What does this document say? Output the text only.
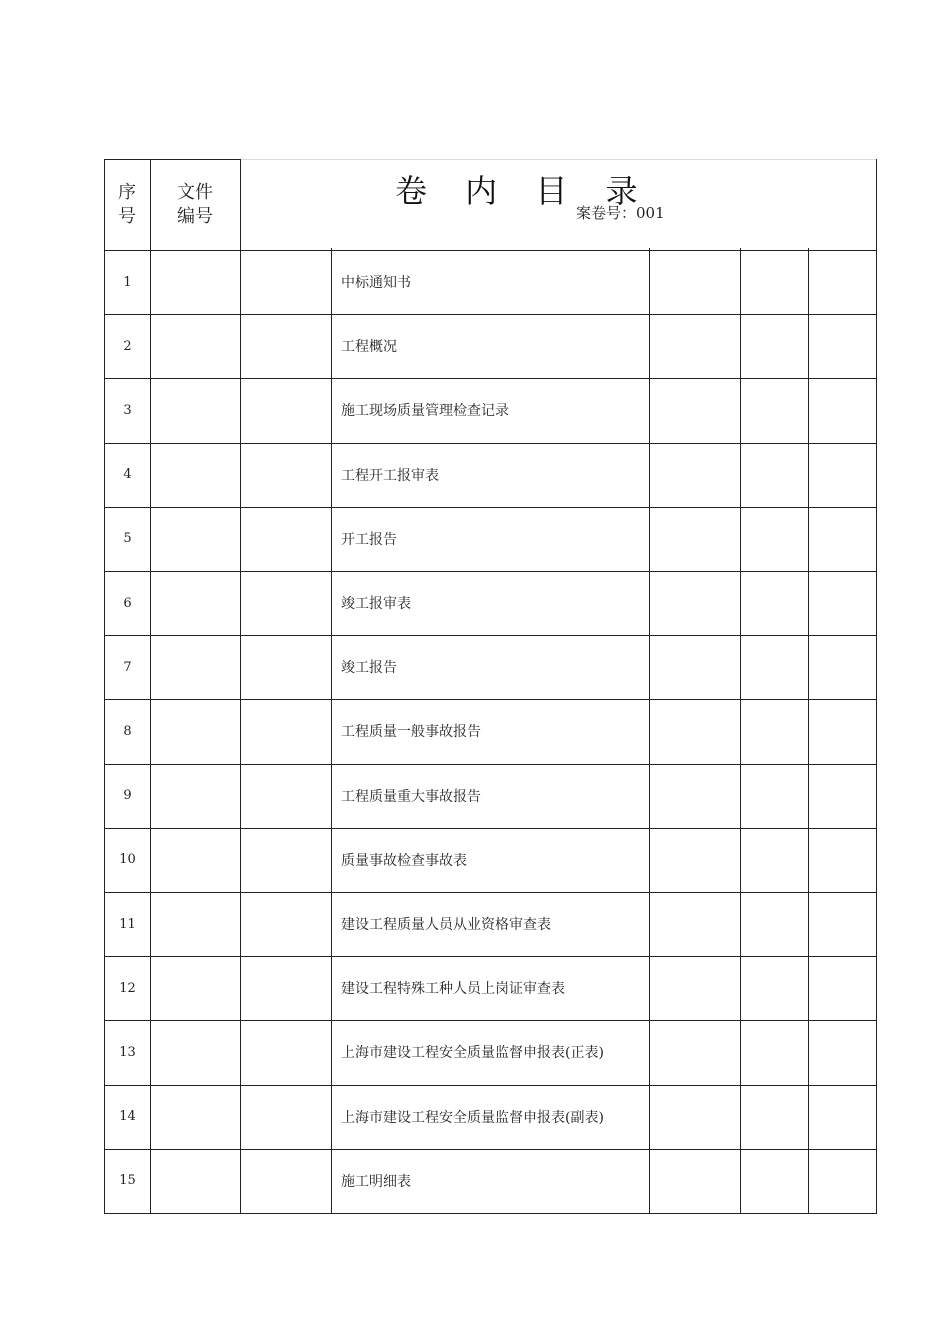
序
号
文件
编号
卷 内 目 录
案卷号：001
1	中标通知书
2	工程概况
3	施工现场质量管理检查记录
4	工程开工报审表
5	开工报告
6	竣工报审表
7	竣工报告
8	工程质量一般事故报告
9	工程质量重大事故报告
10	质量事故检查事故表
11	建设工程质量人员从业资格审查表
12	建设工程特殊工种人员上岗证审查表
13	上海市建设工程安全质量监督申报表(正表)
14	上海市建设工程安全质量监督申报表(副表)
15	施工明细表
